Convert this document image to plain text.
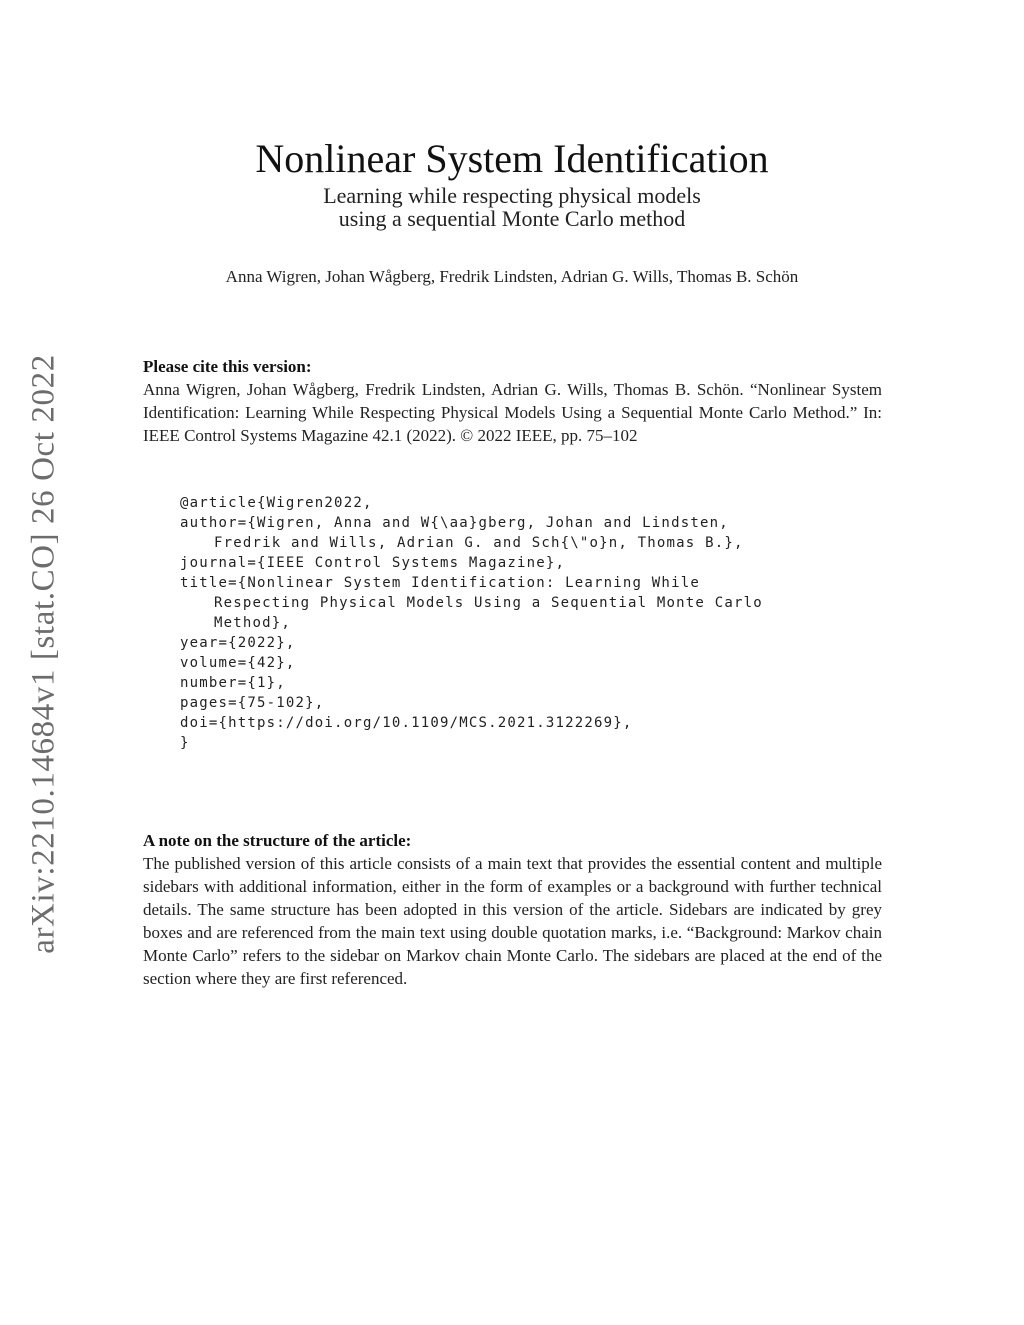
arXiv:2210.14684v1 [stat.CO] 26 Oct 2022
Nonlinear System Identification
Learning while respecting physical models
using a sequential Monte Carlo method
Anna Wigren, Johan Wågberg, Fredrik Lindsten, Adrian G. Wills, Thomas B. Schön
Please cite this version:
Anna Wigren, Johan Wågberg, Fredrik Lindsten, Adrian G. Wills, Thomas B. Schön. “Nonlinear System Identification: Learning While Respecting Physical Models Using a Sequential Monte Carlo Method.” In: IEEE Control Systems Magazine 42.1 (2022). © 2022 IEEE, pp. 75–102
@article{Wigren2022,
author={Wigren, Anna and W{\aa}gberg, Johan and Lindsten,
Fredrik and Wills, Adrian G. and Sch{\"o}n, Thomas B.},
journal={IEEE Control Systems Magazine},
title={Nonlinear System Identification: Learning While
Respecting Physical Models Using a Sequential Monte Carlo
Method},
year={2022},
volume={42},
number={1},
pages={75-102},
doi={https://doi.org/10.1109/MCS.2021.3122269},
}
A note on the structure of the article:
The published version of this article consists of a main text that provides the essential content and multiple sidebars with additional information, either in the form of examples or a background with further technical details. The same structure has been adopted in this version of the article. Sidebars are indicated by grey boxes and are referenced from the main text using double quotation marks, i.e. “Background: Markov chain Monte Carlo” refers to the sidebar on Markov chain Monte Carlo. The sidebars are placed at the end of the section where they are first referenced.
